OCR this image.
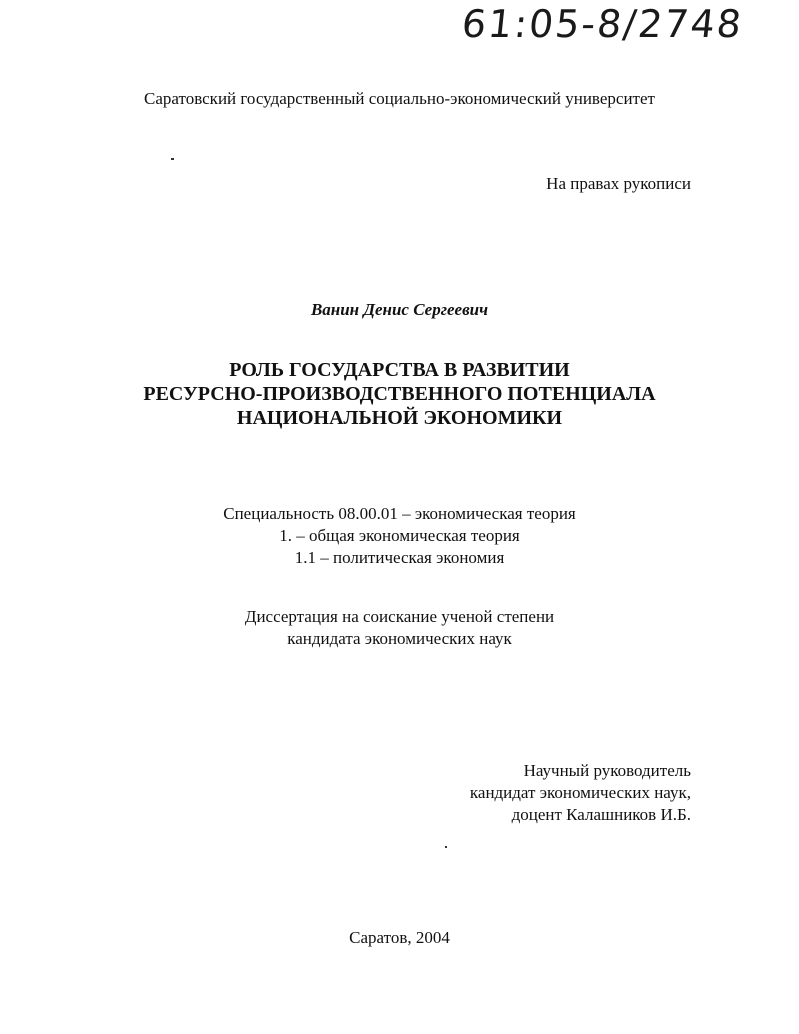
61:05-8/2748
Саратовский государственный социально-экономический университет
На правах рукописи
Ванин Денис Сергеевич
РОЛЬ ГОСУДАРСТВА В РАЗВИТИИ
РЕСУРСНО-ПРОИЗВОДСТВЕННОГО ПОТЕНЦИАЛА
НАЦИОНАЛЬНОЙ ЭКОНОМИКИ
Специальность 08.00.01 – экономическая теория
1. – общая экономическая теория
1.1 – политическая экономия
Диссертация на соискание ученой степени
кандидата экономических наук
Научный руководитель
кандидат экономических наук,
доцент Калашников И.Б.
Саратов, 2004
